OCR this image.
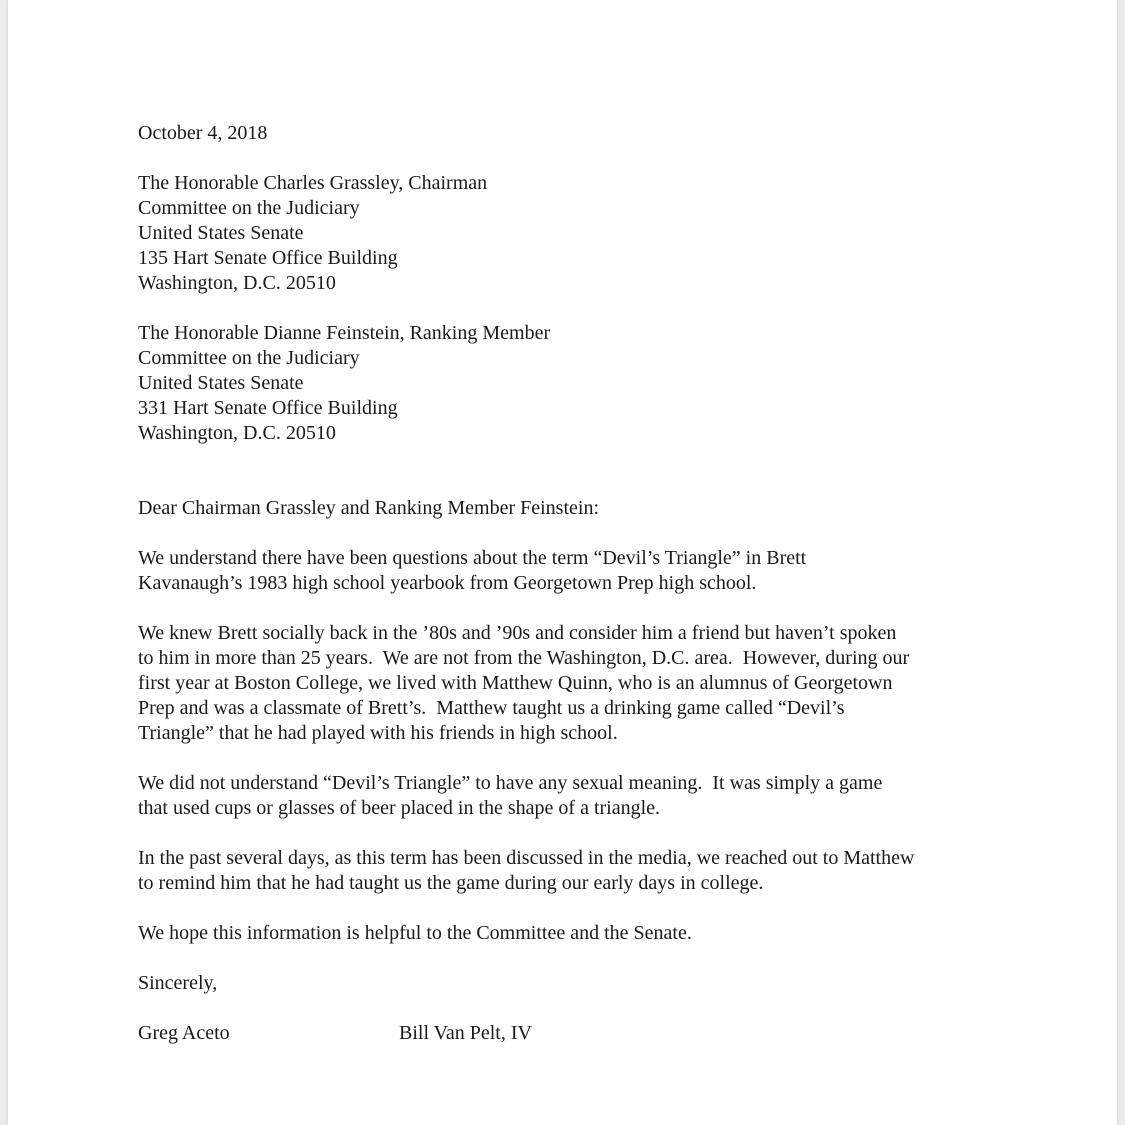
October 4, 2018
The Honorable Charles Grassley, Chairman
Committee on the Judiciary
United States Senate
135 Hart Senate Office Building
Washington, D.C. 20510
The Honorable Dianne Feinstein, Ranking Member
Committee on the Judiciary
United States Senate
331 Hart Senate Office Building
Washington, D.C. 20510
Dear Chairman Grassley and Ranking Member Feinstein:
We understand there have been questions about the term “Devil’s Triangle” in Brett
Kavanaugh’s 1983 high school yearbook from Georgetown Prep high school.
We knew Brett socially back in the ’80s and ’90s and consider him a friend but haven’t spoken
to him in more than 25 years.  We are not from the Washington, D.C. area.  However, during our
first year at Boston College, we lived with Matthew Quinn, who is an alumnus of Georgetown
Prep and was a classmate of Brett’s.  Matthew taught us a drinking game called “Devil’s
Triangle” that he had played with his friends in high school.
We did not understand “Devil’s Triangle” to have any sexual meaning.  It was simply a game
that used cups or glasses of beer placed in the shape of a triangle.
In the past several days, as this term has been discussed in the media, we reached out to Matthew
to remind him that he had taught us the game during our early days in college.
We hope this information is helpful to the Committee and the Senate.
Sincerely,
Greg Aceto	Bill Van Pelt, IV
